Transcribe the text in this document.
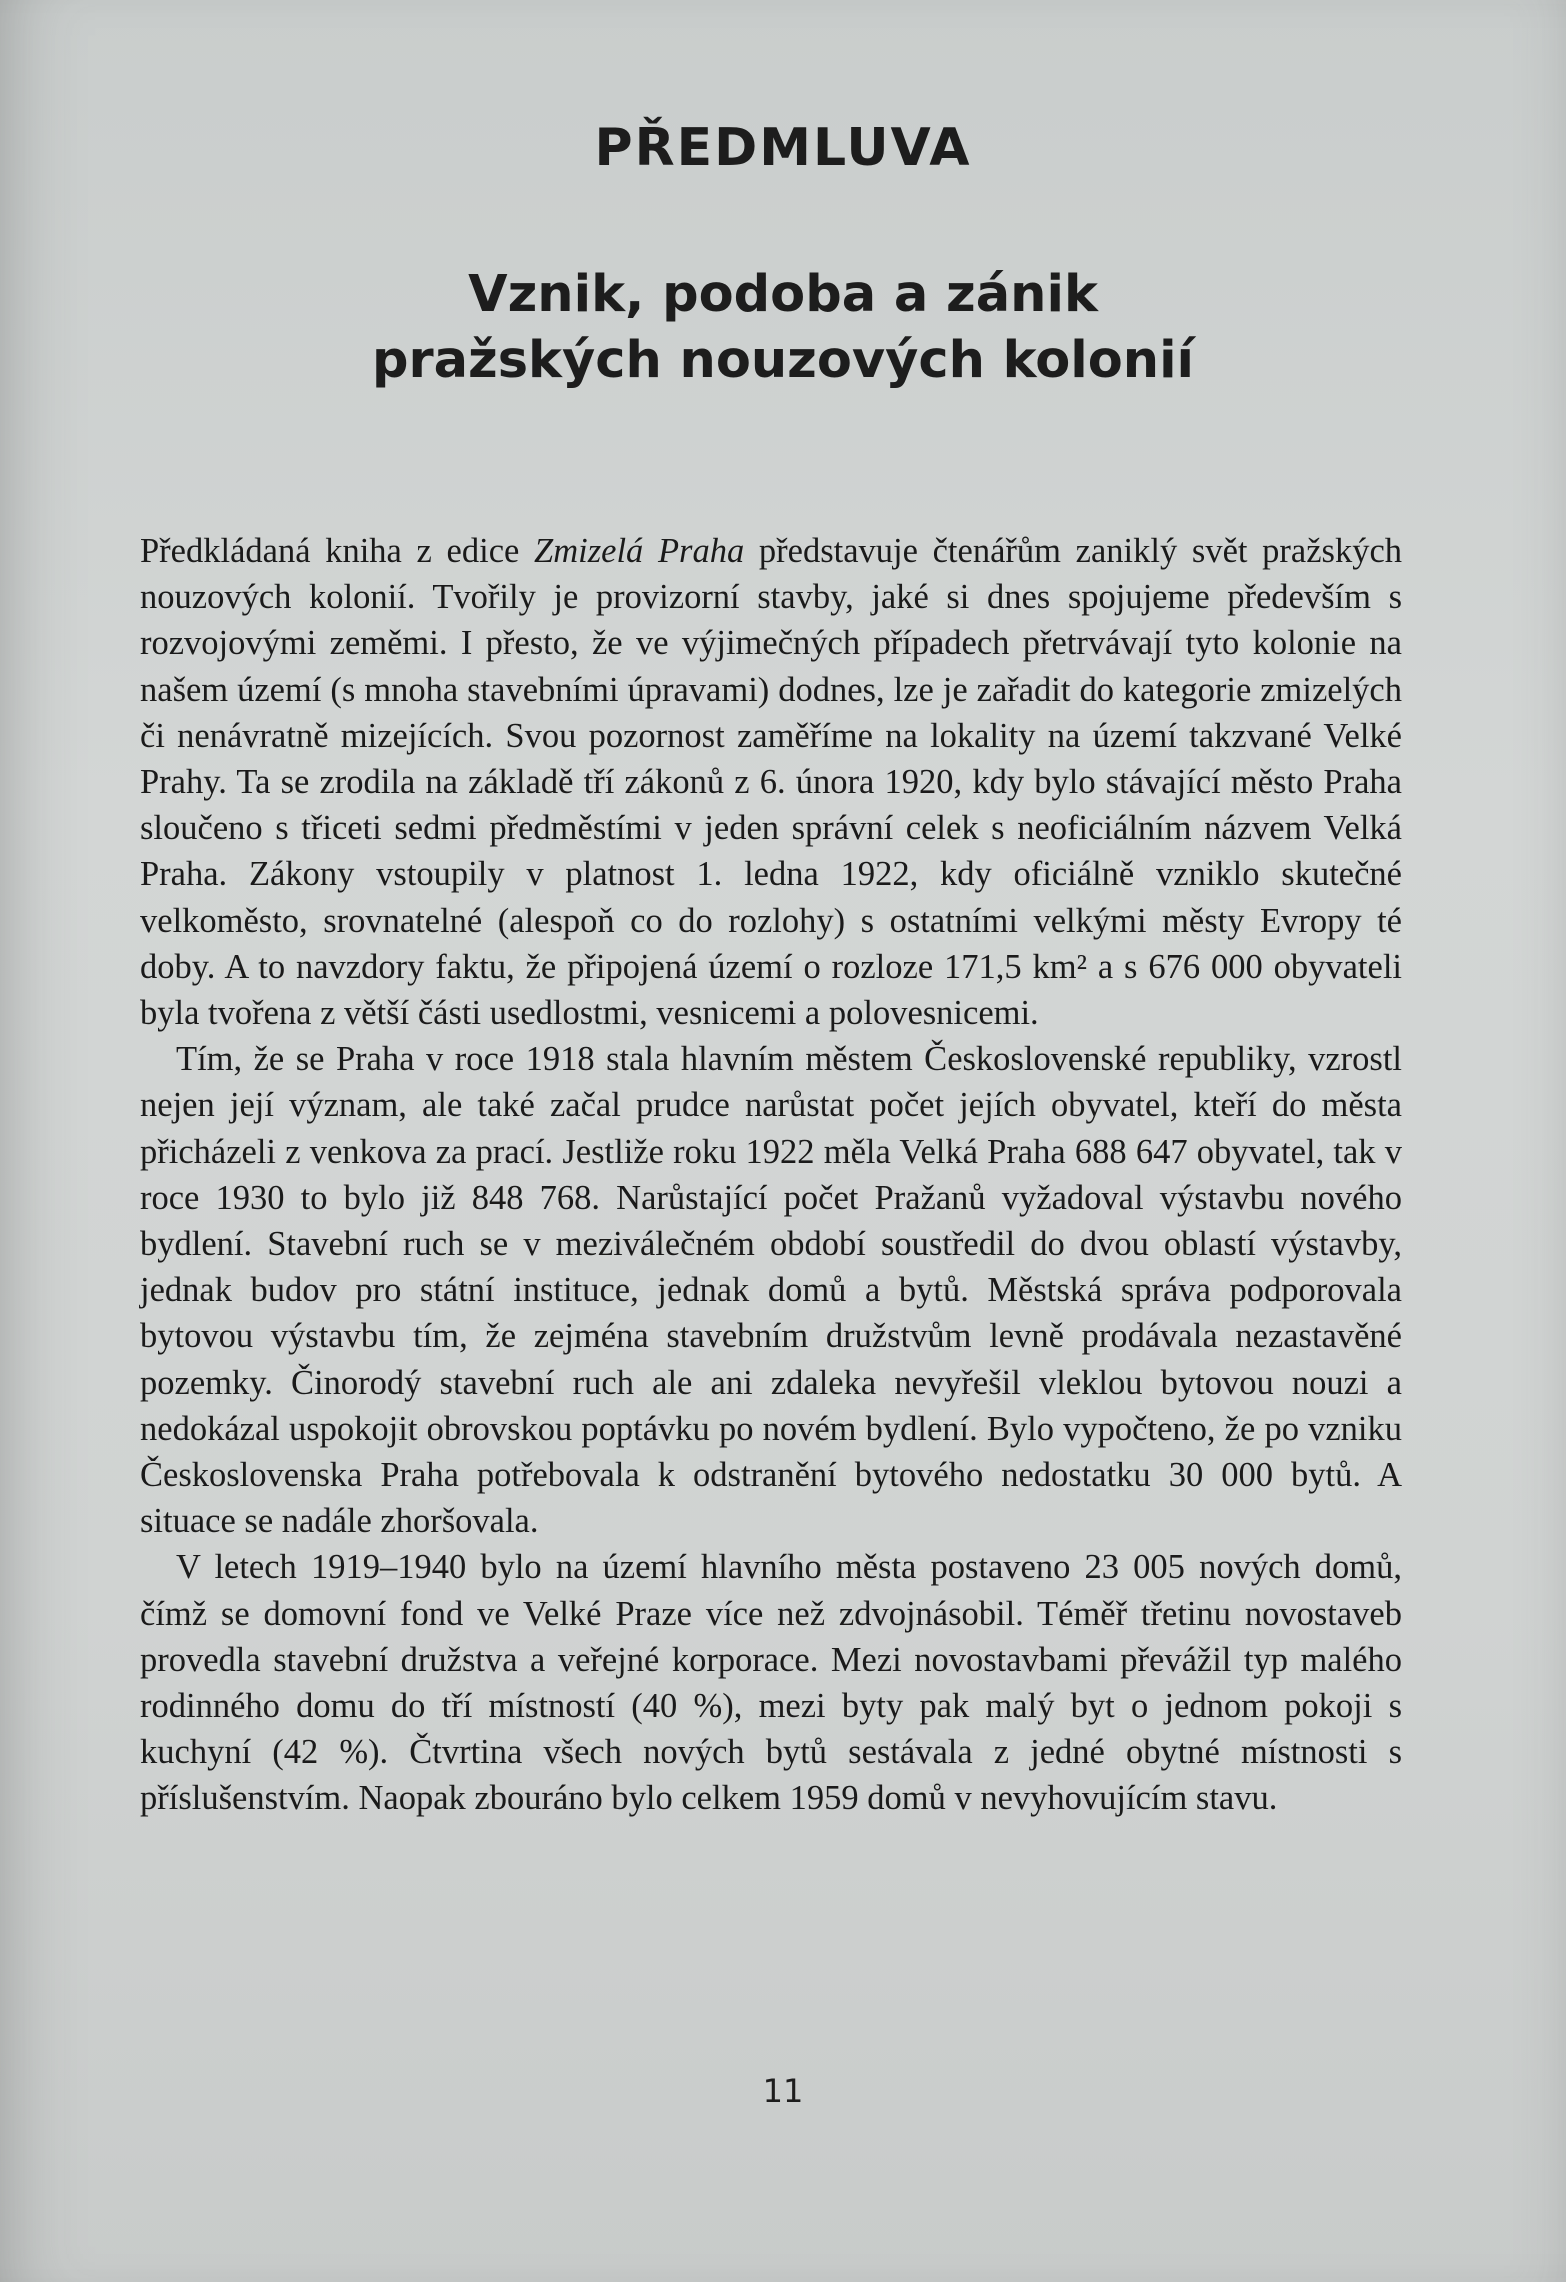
PŘEDMLUVA
Vznik, podoba a zánik
pražských nouzových kolonií

Předkládaná kniha z edice Zmizelá Praha představuje čtenářům zaniklý svět pražských nouzových kolonií. Tvořily je provizorní stavby, jaké si dnes spojujeme především s rozvojovými zeměmi. I přesto, že ve výjimečných případech přetrvávají tyto kolonie na našem území (s mnoha stavebními úpravami) dodnes, lze je zařadit do kategorie zmizelých či nenávratně mizejících. Svou pozornost zaměříme na lokality na území takzvané Velké Prahy. Ta se zrodila na základě tří zákonů z 6. února 1920, kdy bylo stávající město Praha sloučeno s třiceti sedmi předměstími v jeden správní celek s neoficiálním názvem Velká Praha. Zákony vstoupily v platnost 1. ledna 1922, kdy oficiálně vzniklo skutečné velkoměsto, srovnatelné (alespoň co do rozlohy) s ostatními velkými městy Evropy té doby. A to navzdory faktu, že připojená území o rozloze 171,5 km² a s 676 000 obyvateli byla tvořena z větší části usedlostmi, vesnicemi a polovesnicemi.

Tím, že se Praha v roce 1918 stala hlavním městem Československé republiky, vzrostl nejen její význam, ale také začal prudce narůstat počet jejích obyvatel, kteří do města přicházeli z venkova za prací. Jestliže roku 1922 měla Velká Praha 688 647 obyvatel, tak v roce 1930 to bylo již 848 768. Narůstající počet Pražanů vyžadoval výstavbu nového bydlení. Stavební ruch se v meziválečném období soustředil do dvou oblastí výstavby, jednak budov pro státní instituce, jednak domů a bytů. Městská správa podporovala bytovou výstavbu tím, že zejména stavebním družstvům levně prodávala nezastavěné pozemky. Činorodý stavební ruch ale ani zdaleka nevyřešil vleklou bytovou nouzi a nedokázal uspokojit obrovskou poptávku po novém bydlení. Bylo vypočteno, že po vzniku Československa Praha potřebovala k odstranění bytového nedostatku 30 000 bytů. A situace se nadále zhoršovala.

V letech 1919–1940 bylo na území hlavního města postaveno 23 005 nových domů, čímž se domovní fond ve Velké Praze více než zdvojnásobil. Téměř třetinu novostaveb provedla stavební družstva a veřejné korporace. Mezi novostavbami převážil typ malého rodinného domu do tří místností (40 %), mezi byty pak malý byt o jednom pokoji s kuchyní (42 %). Čtvrtina všech nových bytů sestávala z jedné obytné místnosti s příslušenstvím. Naopak zbouráno bylo celkem 1959 domů v nevyhovujícím stavu.

11
